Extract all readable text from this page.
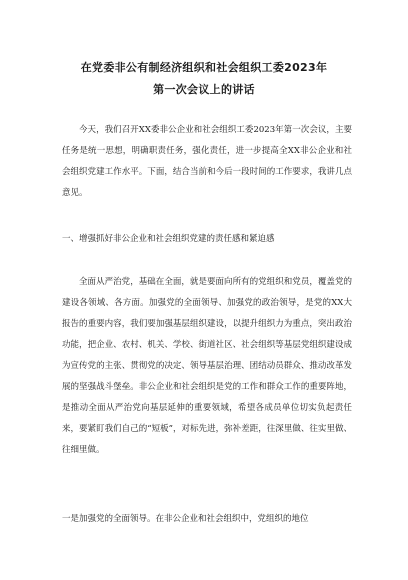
在党委非公有制经济组织和社会组织工委2023年
第一次会议上的讲话

今天，我们召开XX委非公企业和社会组织工委2023年第一次会议，主要任务是统一思想，明确职责任务，强化责任，进一步提高全XX非公企业和社会组织党建工作水平。下面，结合当前和今后一段时间的工作要求，我讲几点意见。

一、增强抓好非公企业和社会组织党建的责任感和紧迫感

全面从严治党，基础在全面，就是要面向所有的党组织和党员，覆盖党的建设各领域、各方面。加强党的全面领导、加强党的政治领导，是党的XX大报告的重要内容，我们要加强基层组织建设，以提升组织力为重点，突出政治功能，把企业、农村、机关、学校、街道社区、社会组织等基层党组织建设成为宣传党的主张、贯彻党的决定、领导基层治理、团结动员群众、推动改革发展的坚强战斗堡垒。非公企业和社会组织是党的工作和群众工作的重要阵地，是推动全面从严治党向基层延伸的重要领域，希望各成员单位切实负起责任来，要紧盯我们自己的“短板”，对标先进，弥补差距，往深里做、往实里做、往细里做。

一是加强党的全面领导。在非公企业和社会组织中，党组织的地位
